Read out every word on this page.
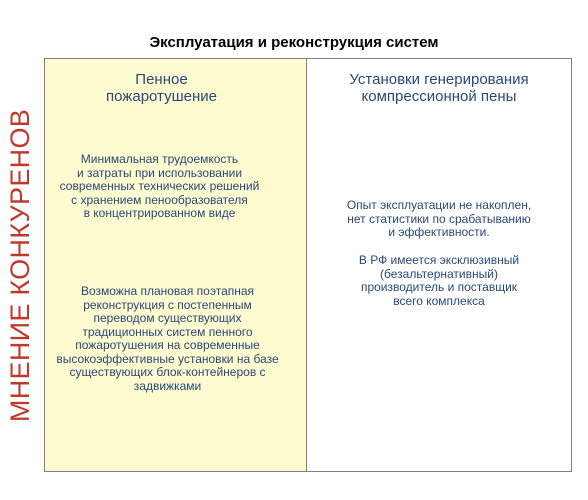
Эксплуатация и реконструкция систем
МНЕНИЕ КОНКУРЕНОВ
Пенное
пожаротушение
Минимальная трудоемкость
и затраты при использовании
современных технических решений
с хранением пенообразователя
в концентрированном виде
Возможна плановая поэтапная
реконструкция с постепенным
переводом существующих
традиционных систем пенного
пожаротушения на современные
высокоэффективные установки на базе
существующих блок-контейнеров с
задвижками
Установки генерирования
компрессионной пены
Опыт эксплуатации не накоплен,
нет статистики по срабатыванию
и эффективности.
В РФ имеется эксклюзивный
(безальтернативный)
производитель и поставщик
всего комплекса
